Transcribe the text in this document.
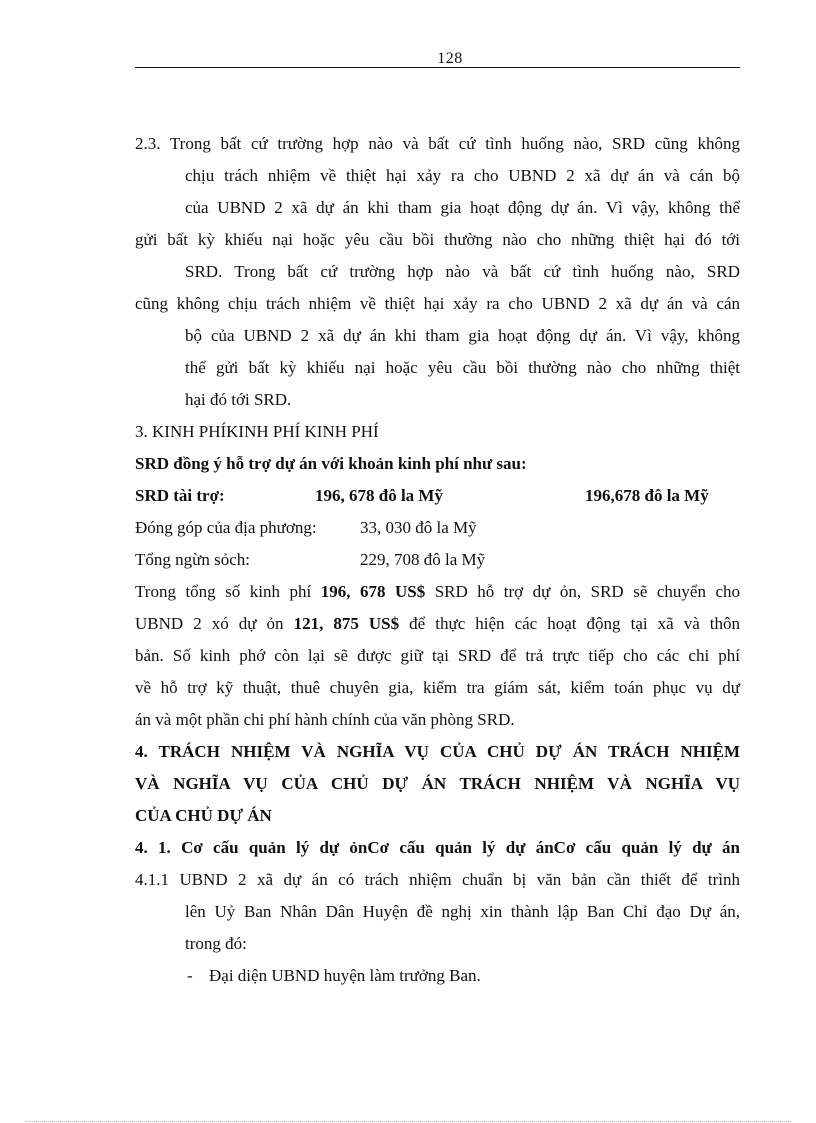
128
2.3. Trong bất cứ trường hợp nào và bất cứ tình huống nào, SRD cũng không
chịu trách nhiệm về thiệt hại xảy ra cho UBND 2 xã dự án và cán bộ
của UBND 2 xã dự án khi tham gia hoạt động dự án. Vì vậy, không thể
gửi bất kỳ khiếu nại hoặc yêu cầu bồi thường nào cho những thiệt hại đó tới
SRD. Trong bất cứ trường hợp nào và bất cứ tình huống nào, SRD
cũng không chịu trách nhiệm về thiệt hại xảy ra cho UBND 2 xã dự án và cán
bộ của UBND 2 xã dự án khi tham gia hoạt động dự án. Vì vậy, không
thể gửi bất kỳ khiếu nại hoặc yêu cầu bồi thường nào cho những thiệt
hại đó tới SRD.
3. KINH PHÍKINH PHÍ KINH PHÍ
SRD đồng ý hỗ trợ dự án với khoản kinh phí như sau:
SRD tài trợ:	196, 678 đô la Mỹ	196,678 đô la Mỹ
Đóng góp của địa phương:	33, 030 đô la Mỹ
Tổng ngừn sỏch:	229, 708 đô la Mỹ
Trong tổng số kinh phí 196, 678 US$ SRD hỗ trợ dự ỏn, SRD sẽ chuyển cho
UBND 2 xó dự ỏn 121, 875 US$ để thực hiện các hoạt động tại xã và thôn
bản. Số kinh phớ còn lại sẽ được giữ tại SRD để trả trực tiếp cho các chi phí
về hỗ trợ kỹ thuật, thuê chuyên gia, kiểm tra giám sát, kiểm toán phục vụ dự
án và một phần chi phí hành chính của văn phòng SRD.
4. TRÁCH NHIỆM VÀ NGHĨA VỤ CỦA CHỦ DỰ ÁN TRÁCH NHIỆM
VÀ NGHĨA VỤ CỦA CHỦ DỰ ÁN TRÁCH NHIỆM VÀ NGHĨA VỤ
CỦA CHỦ DỰ ÁN
4. 1. Cơ cấu quản lý dự ỏnCơ cấu quản lý dự ánCơ cấu quản lý dự án
4.1.1 UBND 2 xã dự án có trách nhiệm chuẩn bị văn bản cần thiết để trình
lên Uỷ Ban Nhân Dân Huyện đề nghị xin thành lập Ban Chỉ đạo Dự án,
trong đó:
- Đại diện UBND huyện làm trưởng Ban.
